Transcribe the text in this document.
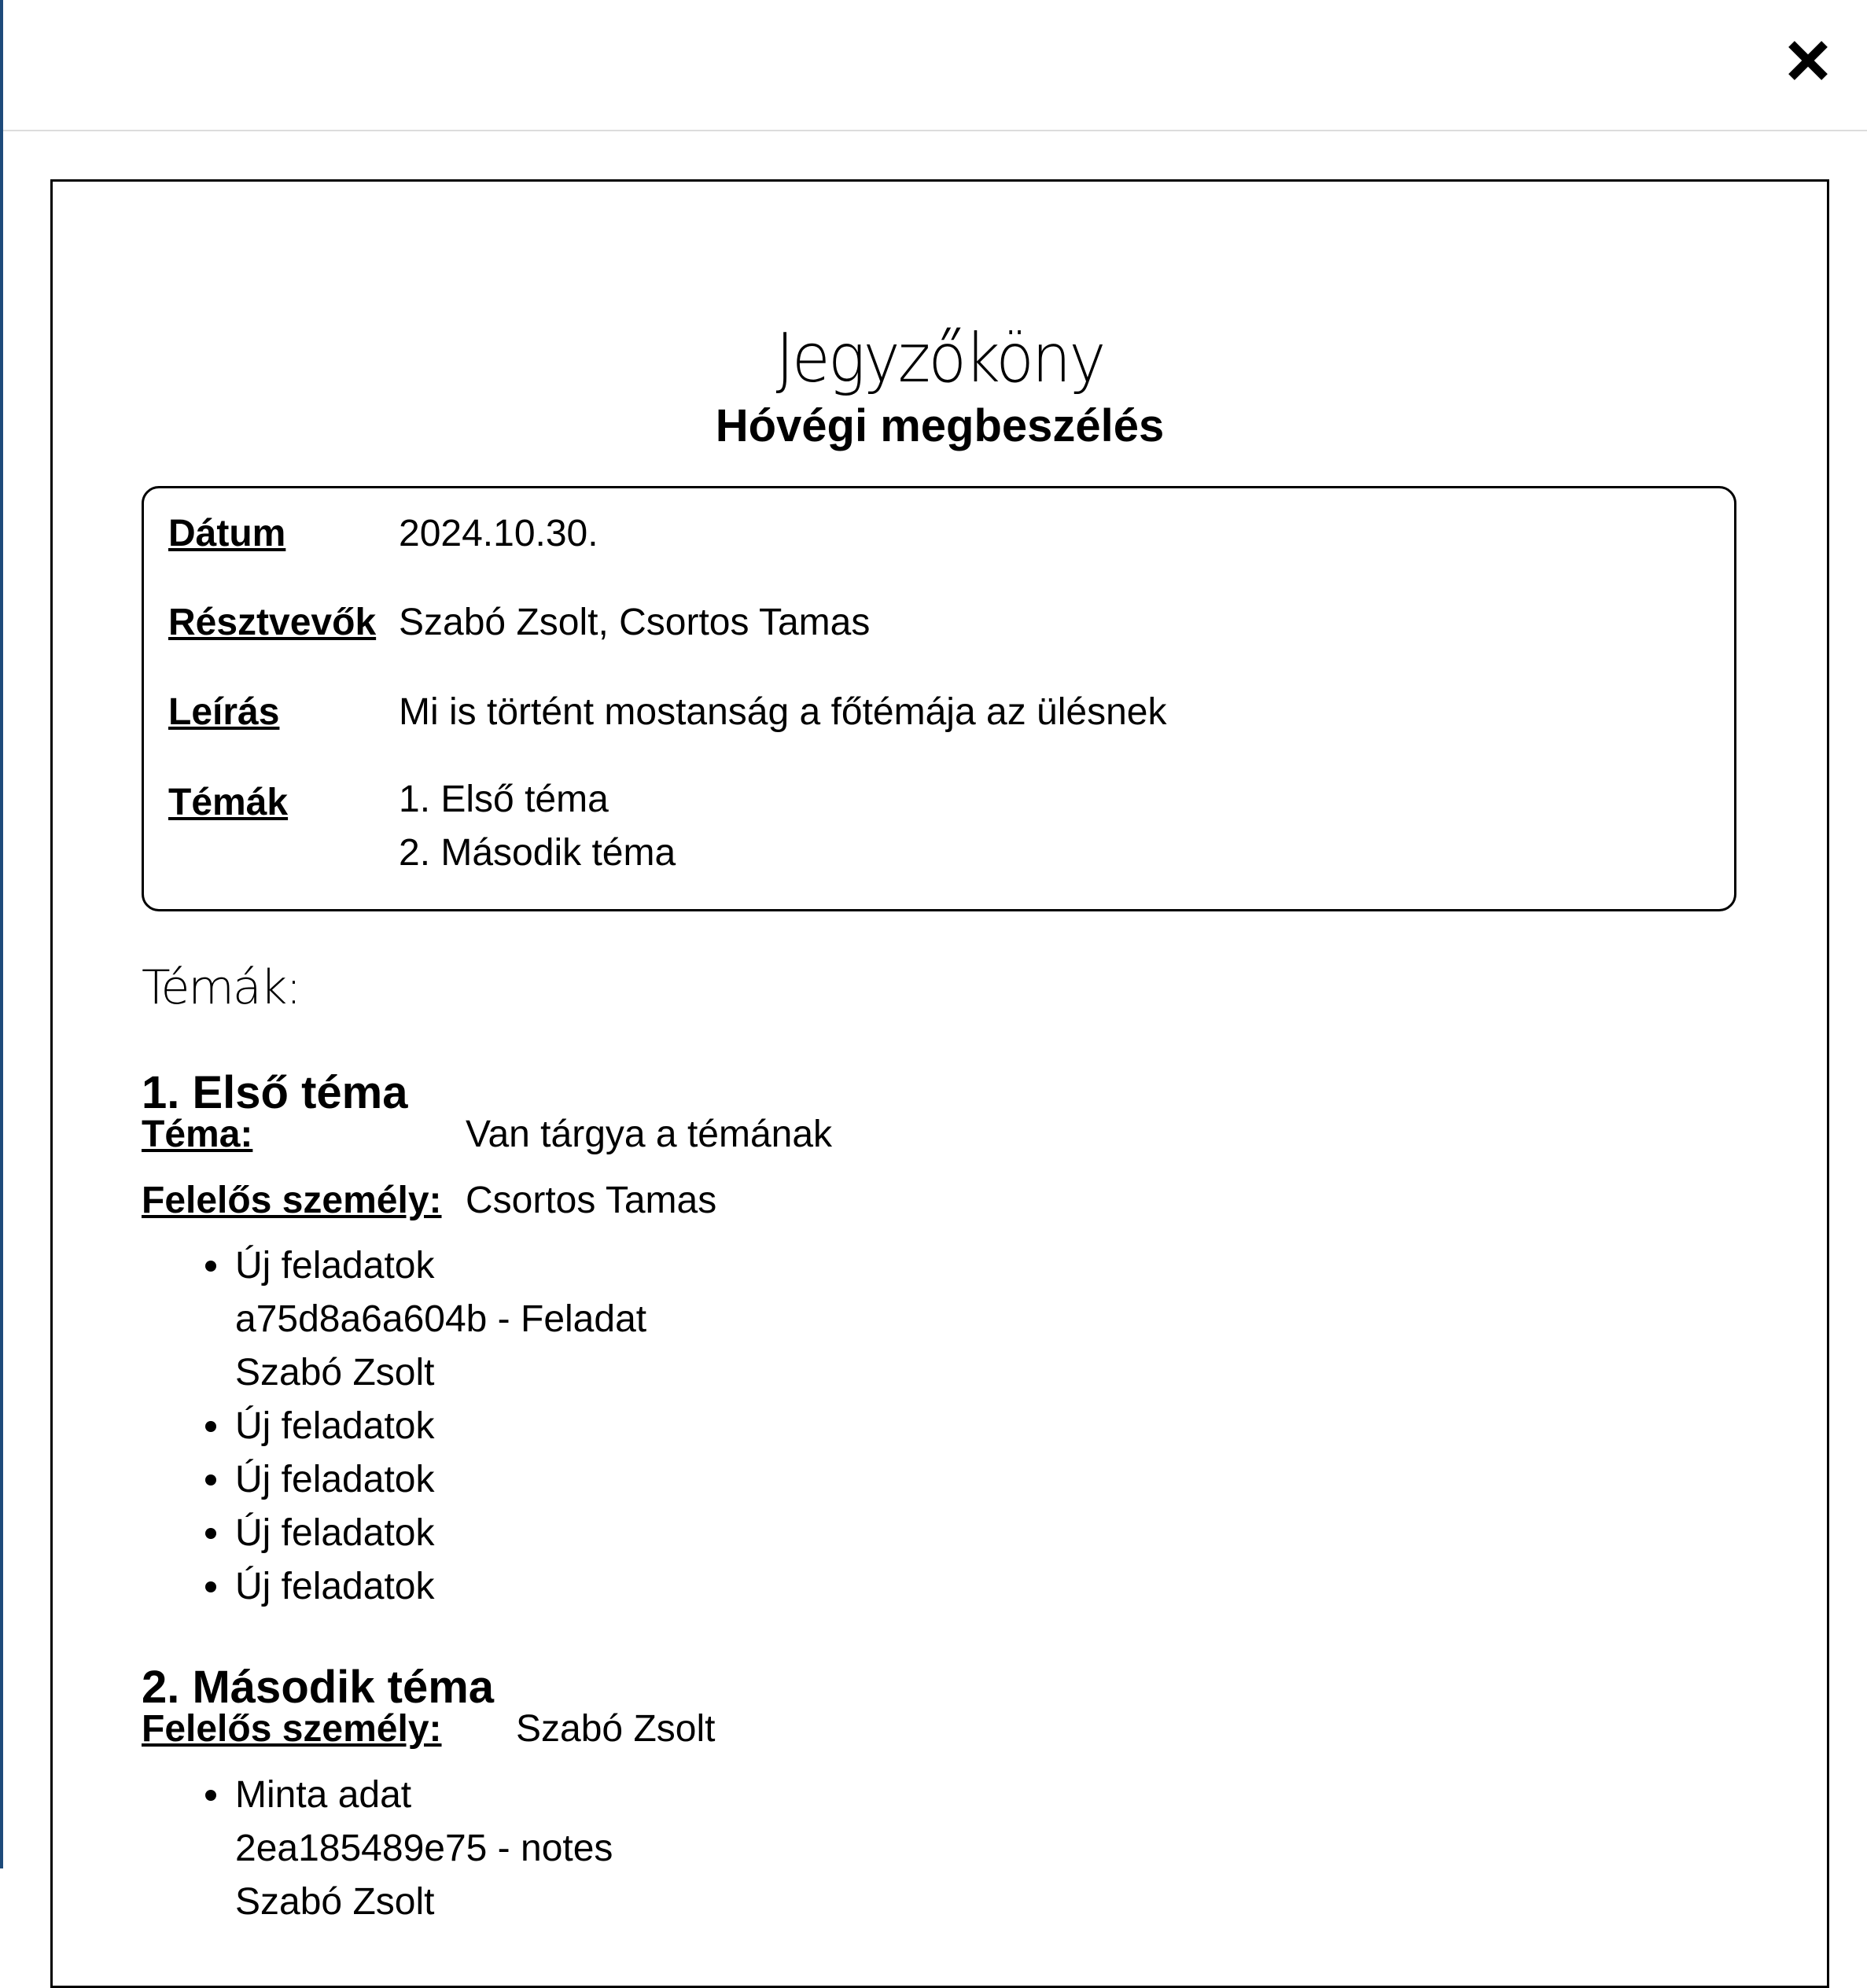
Jegyzőköny
Hóvégi megbeszélés
Dátum	2024.10.30.
Résztvevők Szabó Zsolt, Csortos Tamas
Leírás	Mi is történt mostanság a főtémája az ülésnek
Témák	1. Első téma
2. Második téma
Témák:
1. Első téma
Téma:	Van tárgya a témának
Felelős személy: Csortos Tamas
Új feladatok
a75d8a6a604b - Feladat
Szabó Zsolt
Új feladatok
Új feladatok
Új feladatok
Új feladatok
2. Második téma
Felelős személy: Szabó Zsolt
Minta adat
2ea185489e75 - notes
Szabó Zsolt
